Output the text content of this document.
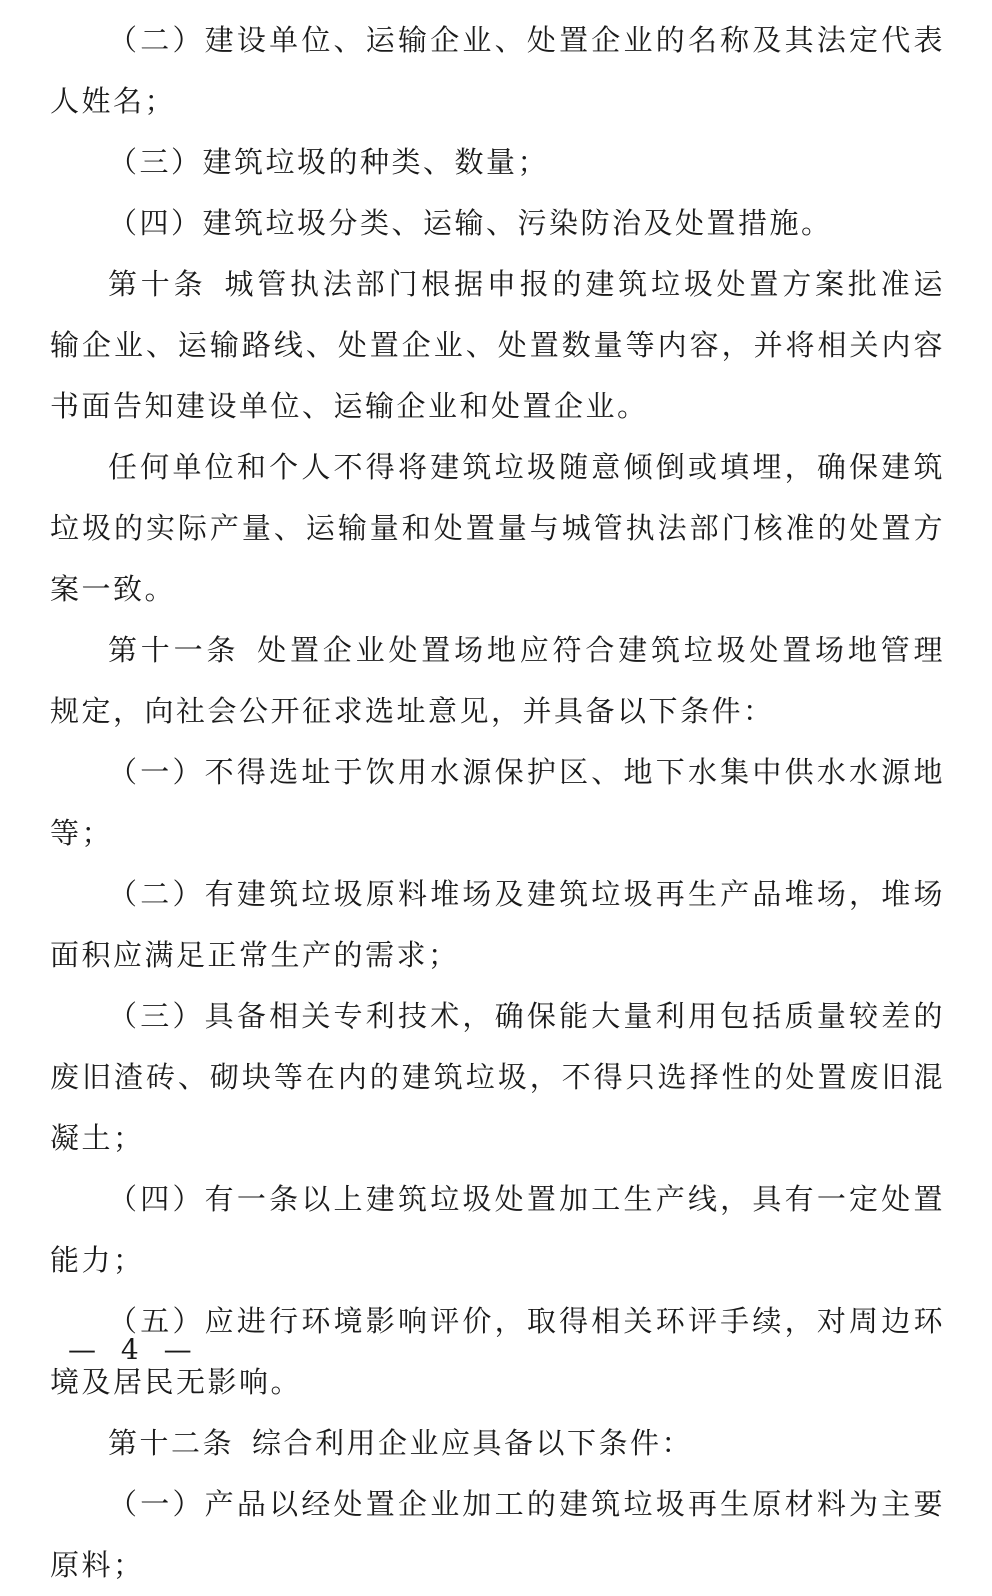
（二）建设单位、运输企业、处置企业的名称及其法定代表人姓名；

（三）建筑垃圾的种类、数量；

（四）建筑垃圾分类、运输、污染防治及处置措施。

第十条 城管执法部门根据申报的建筑垃圾处置方案批准运输企业、运输路线、处置企业、处置数量等内容，并将相关内容书面告知建设单位、运输企业和处置企业。

任何单位和个人不得将建筑垃圾随意倾倒或填埋，确保建筑垃圾的实际产量、运输量和处置量与城管执法部门核准的处置方案一致。

第十一条 处置企业处置场地应符合建筑垃圾处置场地管理规定，向社会公开征求选址意见，并具备以下条件：

（一）不得选址于饮用水源保护区、地下水集中供水水源地等；

（二）有建筑垃圾原料堆场及建筑垃圾再生产品堆场，堆场面积应满足正常生产的需求；

（三）具备相关专利技术，确保能大量利用包括质量较差的废旧渣砖、砌块等在内的建筑垃圾，不得只选择性的处置废旧混凝土；

（四）有一条以上建筑垃圾处置加工生产线，具有一定处置能力；

（五）应进行环境影响评价，取得相关环评手续，对周边环境及居民无影响。

第十二条 综合利用企业应具备以下条件：

（一）产品以经处置企业加工的建筑垃圾再生原材料为主要原料；

— 4 —
